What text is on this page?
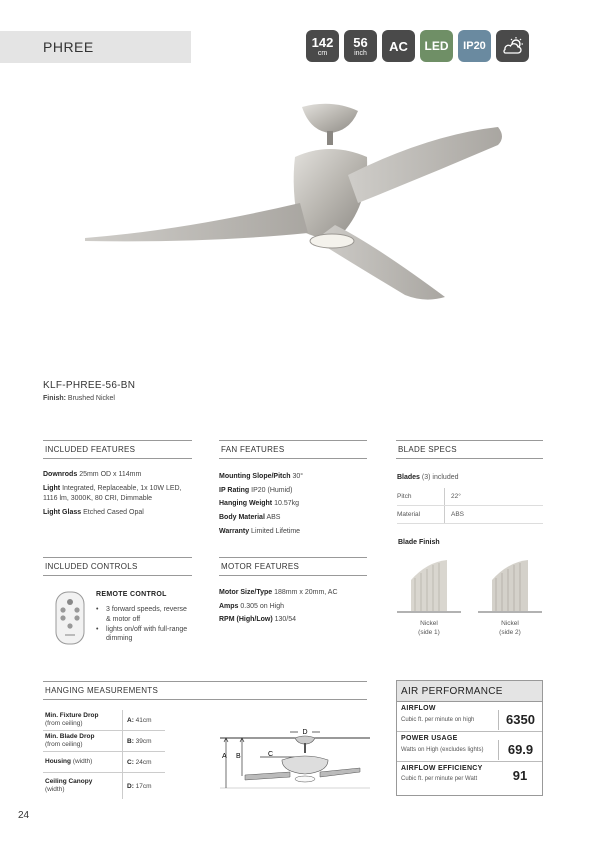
PHREE	142
cm
56
inch	AC	LED	IP20
KLF-PHREE-56-BN
Finish: Brushed Nickel
INCLUDED FEATURES

Downrods 25mm OD x 114mm

Light Integrated, Replaceable, 1x 10W LED, 1116 lm, 3000K, 80 CRI, Dimmable

Light Glass Etched Cased Opal

FAN FEATURES
Mounting Slope/Pitch 30°
IP Rating IP20 (Humid)
Hanging Weight 10.57kg
Body Material ABS
Warranty Limited Lifetime
BLADE SPECS
Blades
(3) included
Pitch	22°
Material	ABS
Blade Finish
Nickel
(side 1)
Nickel
(side 2)
INCLUDED CONTROLS
REMOTE CONTROL
• 3 forward speeds, reverse & motor off
• lights on/off with full-range dimming
MOTOR FEATURES
Motor Size/Type 188mm x 20mm, AC
Amps 0.305 on High
RPM (High/Low) 130/54
HANGING MEASUREMENTS
Min. Fixture Drop
(from ceiling)	A: 41cm
Min. Blade Drop
(from ceiling)	B: 39cm
Housing (width)	C: 24cm
Ceiling Canopy
(width)	D: 17cm
D
A B	C
AIR PERFORMANCE
AIRFLOW
Cubic ft. per minute on high	6350
POWER USAGE
Watts on High (excludes lights)	69.9
AIRFLOW EFFICIENCY
Cubic ft. per minute per Watt	91
24
